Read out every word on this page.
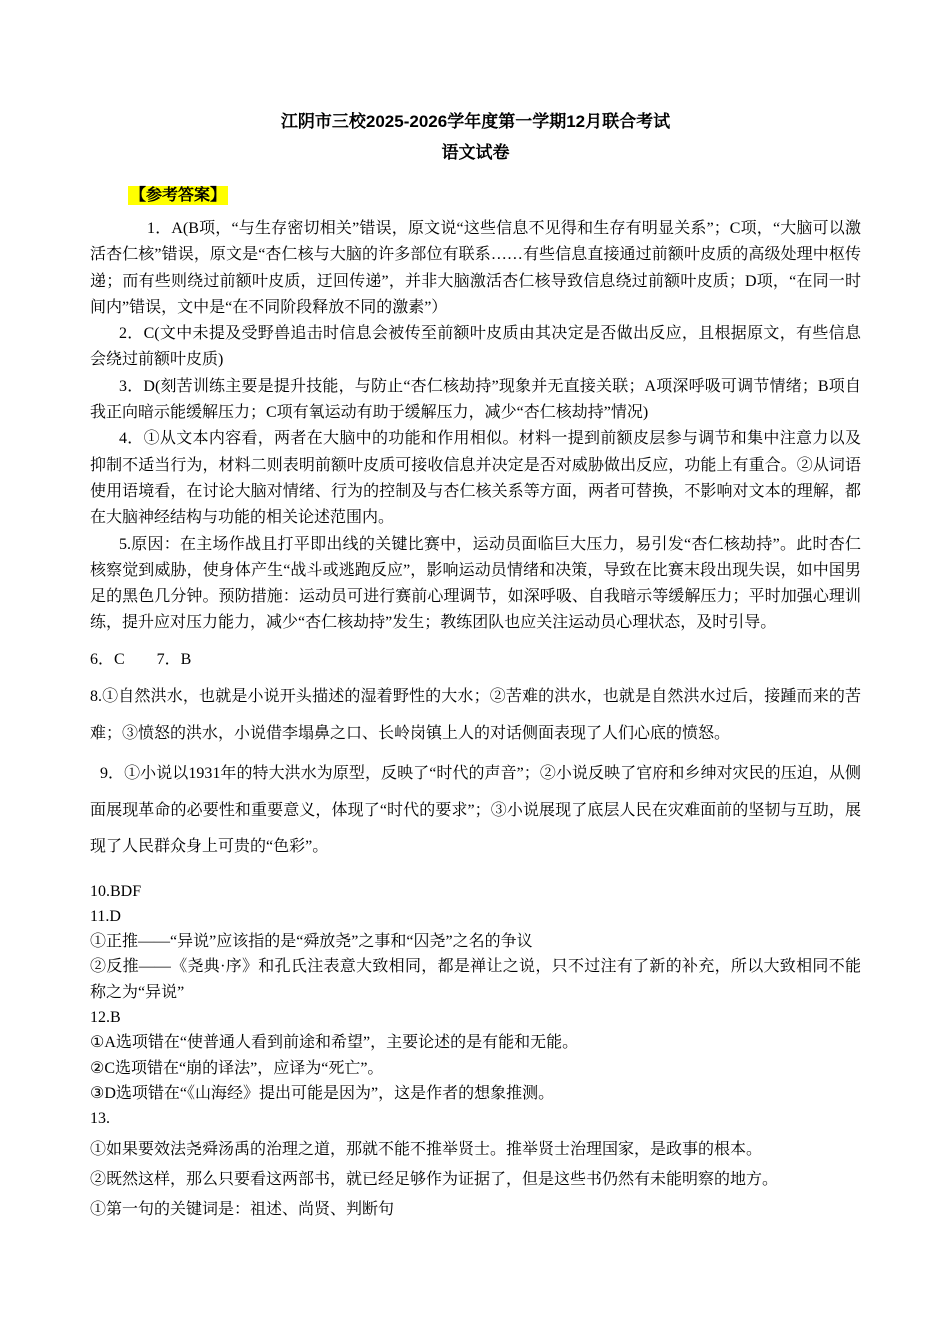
江阴市三校2025-2026学年度第一学期12月联合考试

语文试卷

【参考答案】

1．A(B项，“与生存密切相关”错误，原文说“这些信息不见得和生存有明显关系”；C项，“大脑可以激活杏仁核”错误，原文是“杏仁核与大脑的许多部位有联系……有些信息直接通过前额叶皮质的高级处理中枢传递；而有些则绕过前额叶皮质，迂回传递”，并非大脑激活杏仁核导致信息绕过前额叶皮质；D项，“在同一时间内”错误，文中是“在不同阶段释放不同的激素”）

2．C(文中未提及受野兽追击时信息会被传至前额叶皮质由其决定是否做出反应，且根据原文，有些信息会绕过前额叶皮质)

3．D(刻苦训练主要是提升技能，与防止“杏仁核劫持”现象并无直接关联；A项深呼吸可调节情绪；B项自我正向暗示能缓解压力；C项有氧运动有助于缓解压力，减少“杏仁核劫持”情况)

4．①从文本内容看，两者在大脑中的功能和作用相似。材料一提到前额皮层参与调节和集中注意力以及抑制不适当行为，材料二则表明前额叶皮质可接收信息并决定是否对威胁做出反应，功能上有重合。②从词语使用语境看，在讨论大脑对情绪、行为的控制及与杏仁核关系等方面，两者可替换，不影响对文本的理解，都在大脑神经结构与功能的相关论述范围内。

5.原因：在主场作战且打平即出线的关键比赛中，运动员面临巨大压力，易引发“杏仁核劫持”。此时杏仁核察觉到威胁，使身体产生“战斗或逃跑反应”，影响运动员情绪和决策，导致在比赛末段出现失误，如中国男足的黑色几分钟。预防措施：运动员可进行赛前心理调节，如深呼吸、自我暗示等缓解压力；平时加强心理训练，提升应对压力能力，减少“杏仁核劫持”发生；教练团队也应关注运动员心理状态，及时引导。

6．C　　7．B

8.①自然洪水，也就是小说开头描述的湿着野性的大水；②苦难的洪水，也就是自然洪水过后，接踵而来的苦难；③愤怒的洪水，小说借李塌鼻之口、长岭岗镇上人的对话侧面表现了人们心底的愤怒。

9．①小说以1931年的特大洪水为原型，反映了“时代的声音”；②小说反映了官府和乡绅对灾民的压迫，从侧面展现革命的必要性和重要意义，体现了“时代的要求”；③小说展现了底层人民在灾难面前的坚韧与互助，展现了人民群众身上可贵的“色彩”。

10.BDF

11.D

①正推——“异说”应该指的是“舜放尧”之事和“囚尧”之名的争议

②反推——《尧典·序》和孔氏注表意大致相同，都是禅让之说，只不过注有了新的补充，所以大致相同不能称之为“异说”

12.B

①A选项错在“使普通人看到前途和希望”，主要论述的是有能和无能。

②C选项错在“崩的译法”，应译为“死亡”。

③D选项错在“《山海经》提出可能是因为”，这是作者的想象推测。

13.

①如果要效法尧舜汤禹的治理之道，那就不能不推举贤士。推举贤士治理国家，是政事的根本。

②既然这样，那么只要看这两部书，就已经足够作为证据了，但是这些书仍然有未能明察的地方。

①第一句的关键词是：祖述、尚贤、判断句
